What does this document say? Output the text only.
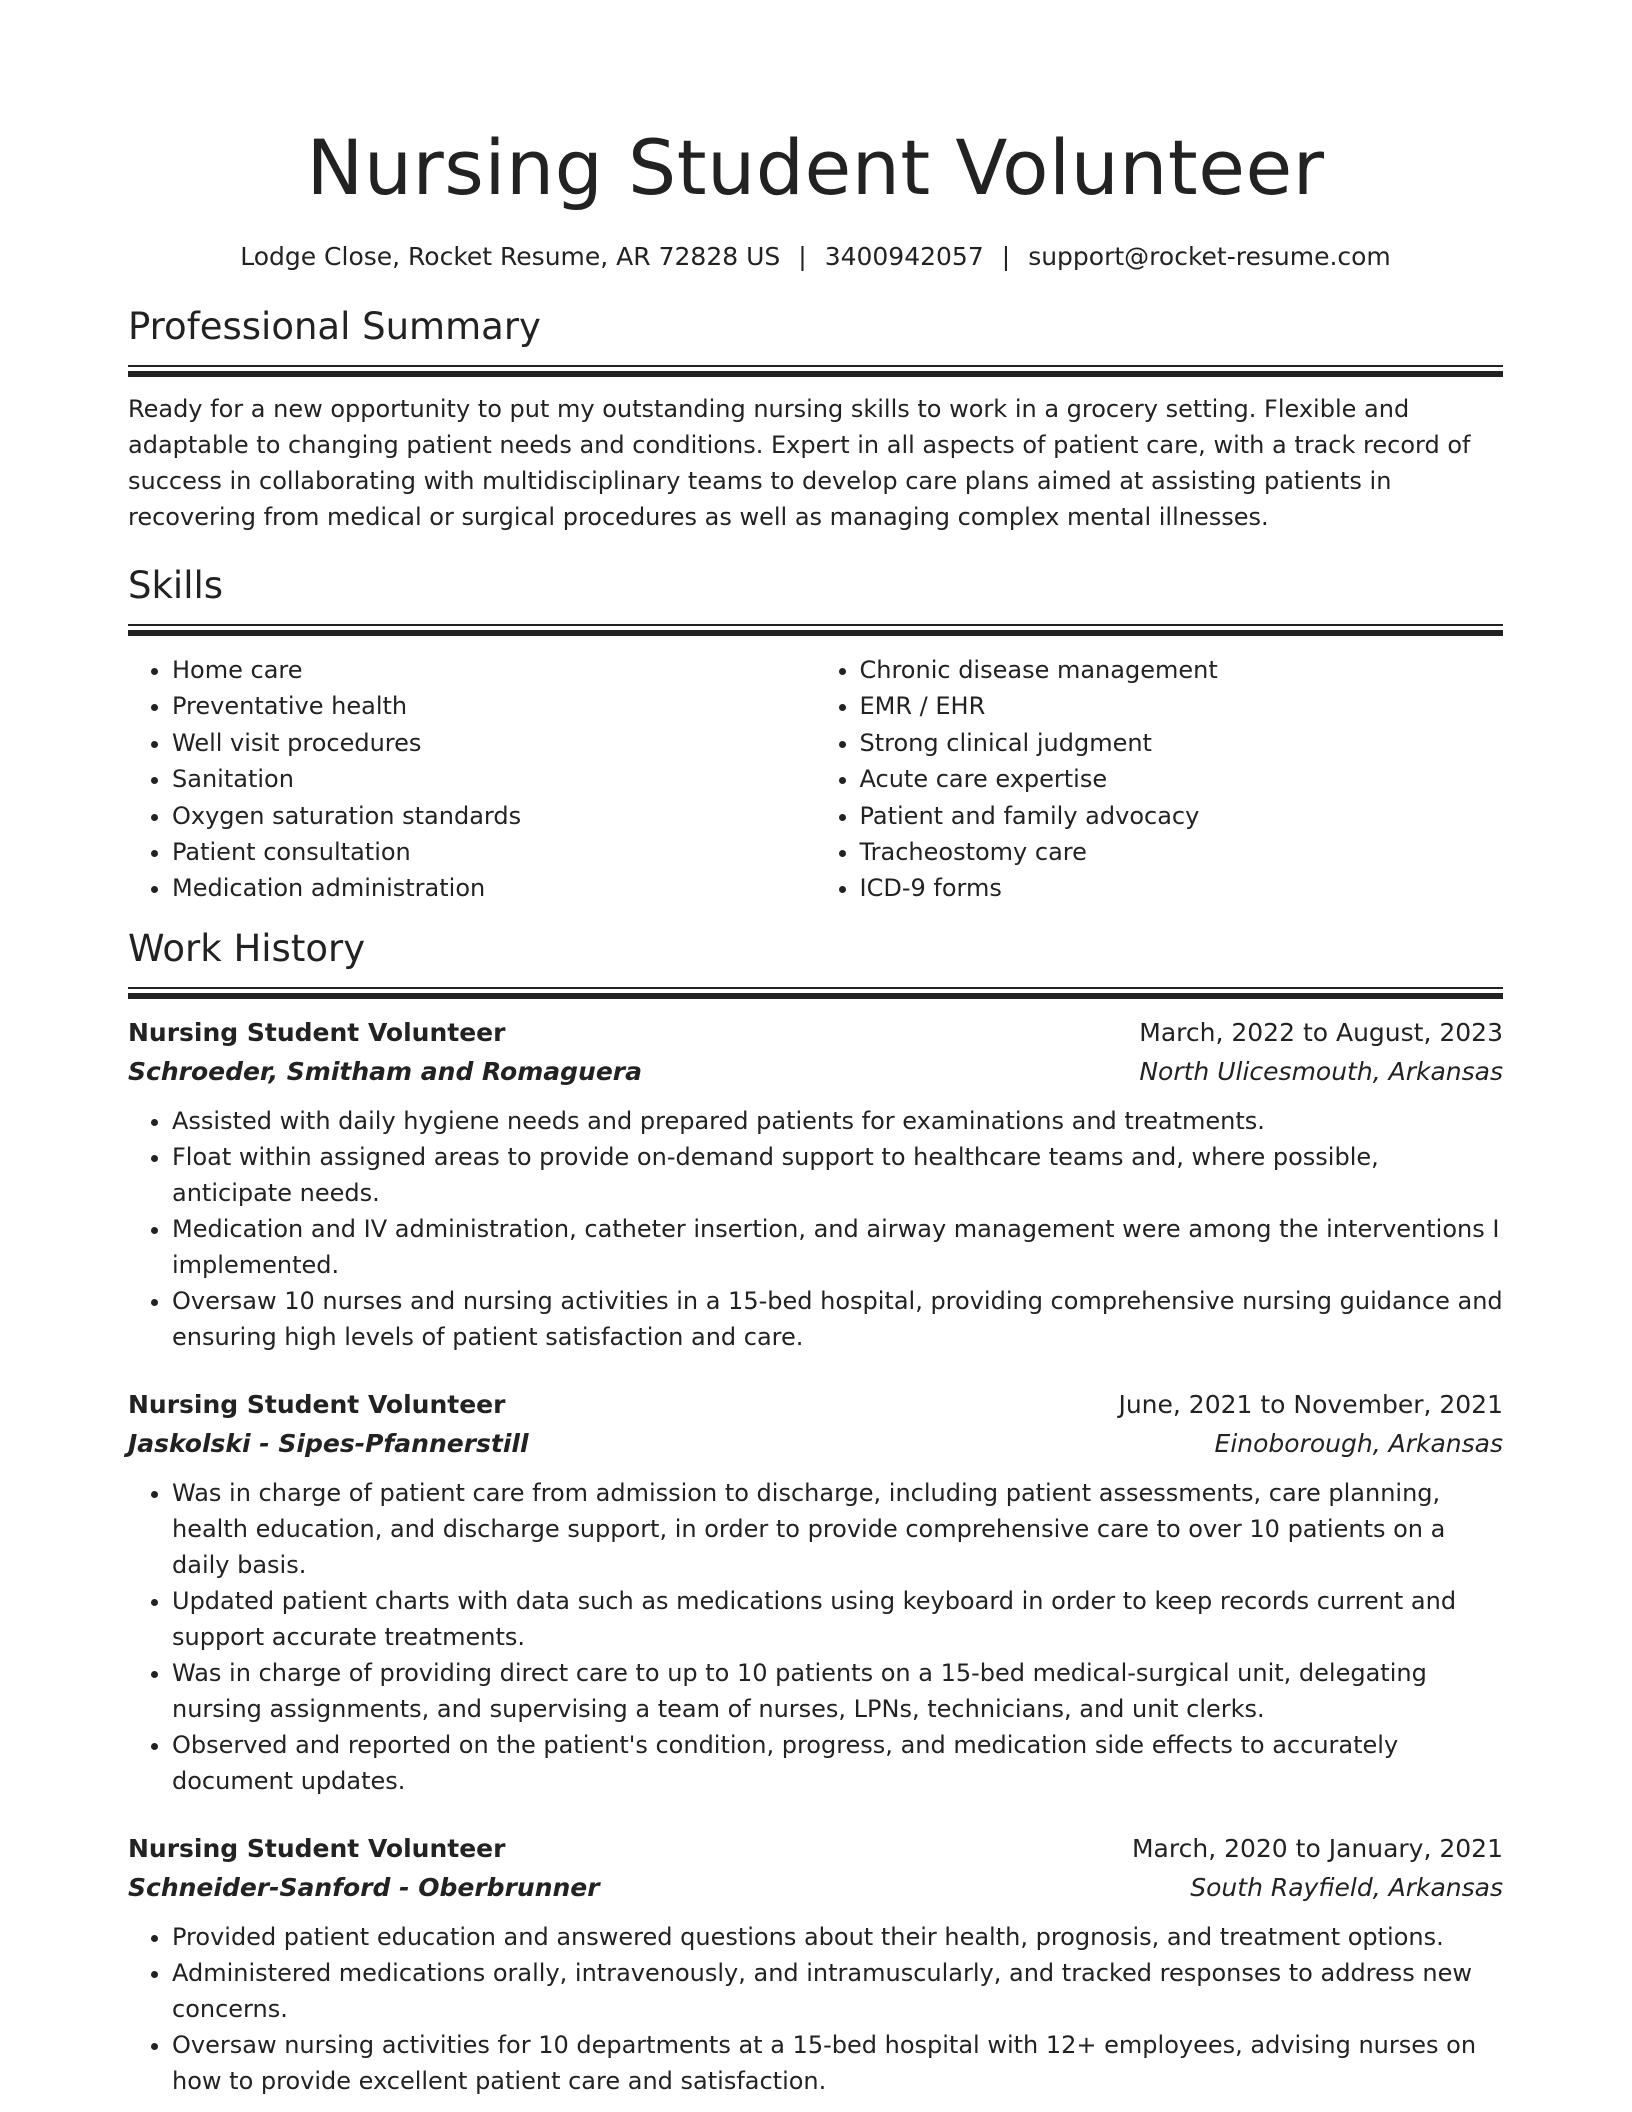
Nursing Student Volunteer
Lodge Close, Rocket Resume, AR 72828 US | 3400942057 | support@rocket-resume.com
Professional Summary

Ready for a new opportunity to put my outstanding nursing skills to work in a grocery setting. Flexible and adaptable to changing patient needs and conditions. Expert in all aspects of patient care, with a track record of success in collaborating with multidisciplinary teams to develop care plans aimed at assisting patients in recovering from medical or surgical procedures as well as managing complex mental illnesses.

Skills
• Home care
• Preventative health
• Well visit procedures
• Sanitation
• Oxygen saturation standards
• Patient consultation
• Medication administration
• Chronic disease management
• EMR / EHR
• Strong clinical judgment
• Acute care expertise
• Patient and family advocacy
• Tracheostomy care
• ICD-9 forms
Work History
Nursing Student Volunteer	March, 2022 to August, 2023
Schroeder, Smitham and Romaguera	North Ulicesmouth, Arkansas
• Assisted with daily hygiene needs and prepared patients for examinations and treatments.
• Float within assigned areas to provide on-demand support to healthcare teams and, where possible, anticipate needs.
• Medication and IV administration, catheter insertion, and airway management were among the interventions I implemented.
• Oversaw 10 nurses and nursing activities in a 15-bed hospital, providing comprehensive nursing guidance and ensuring high levels of patient satisfaction and care.
Nursing Student Volunteer	June, 2021 to November, 2021
Jaskolski - Sipes-Pfannerstill	Einoborough, Arkansas
• Was in charge of patient care from admission to discharge, including patient assessments, care planning, health education, and discharge support, in order to provide comprehensive care to over 10 patients on a daily basis.
• Updated patient charts with data such as medications using keyboard in order to keep records current and support accurate treatments.
• Was in charge of providing direct care to up to 10 patients on a 15-bed medical-surgical unit, delegating nursing assignments, and supervising a team of nurses, LPNs, technicians, and unit clerks.
• Observed and reported on the patient's condition, progress, and medication side effects to accurately document updates.
Nursing Student Volunteer	March, 2020 to January, 2021
Schneider-Sanford - Oberbrunner	South Rayfield, Arkansas
• Provided patient education and answered questions about their health, prognosis, and treatment options.
• Administered medications orally, intravenously, and intramuscularly, and tracked responses to address new concerns.
• Oversaw nursing activities for 10 departments at a 15-bed hospital with 12+ employees, advising nurses on how to provide excellent patient care and satisfaction.
